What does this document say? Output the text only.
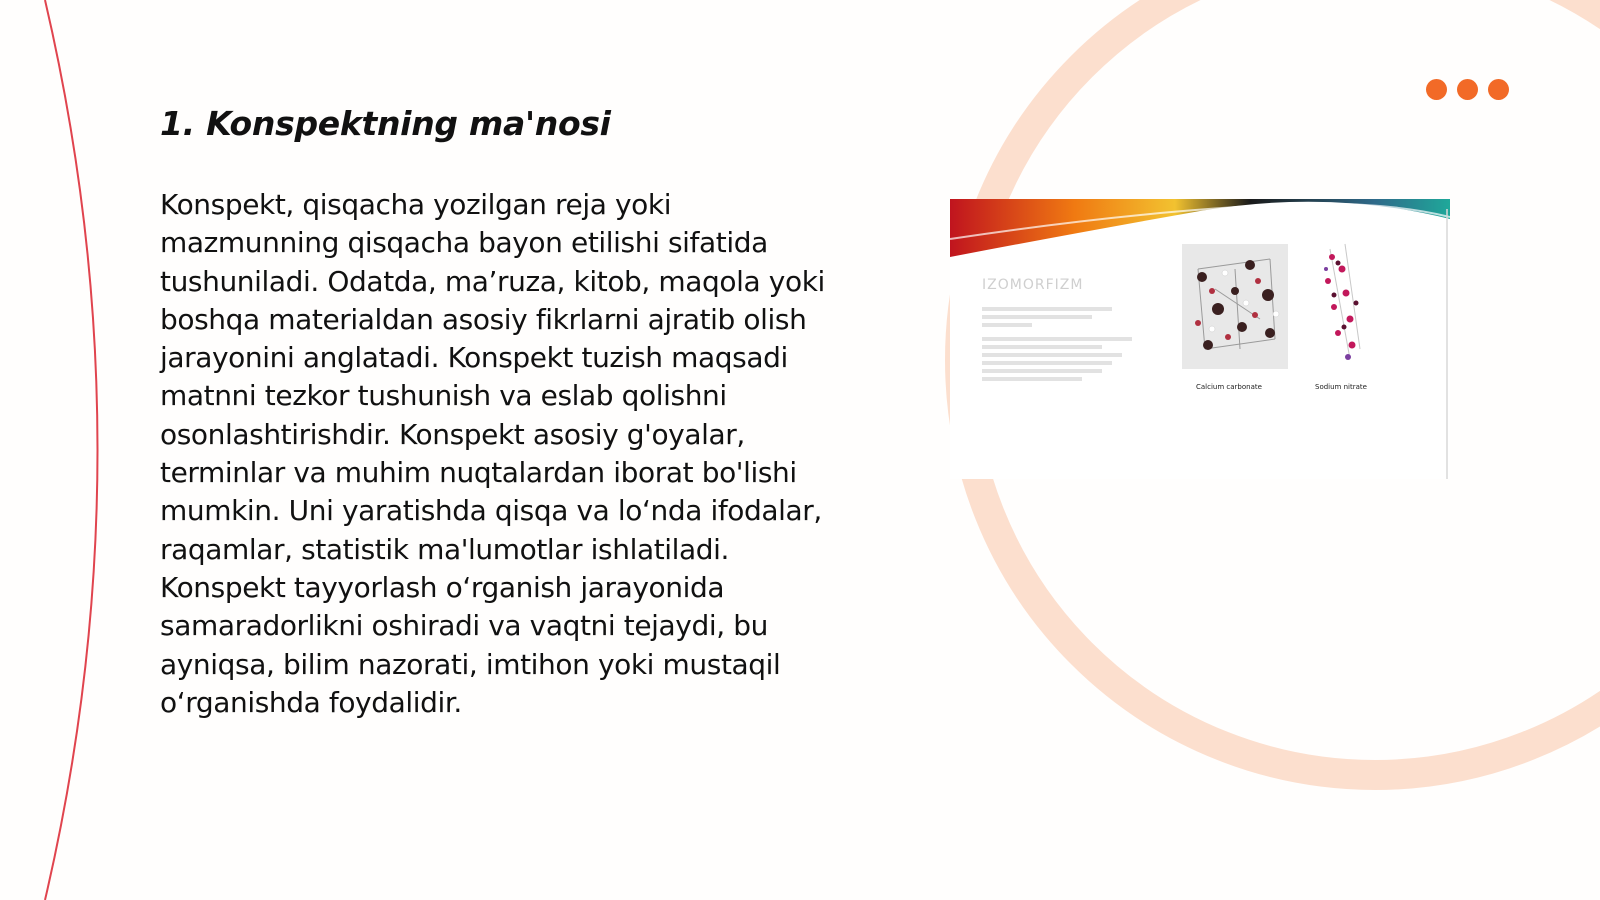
1. Konspektning ma'nosi

Konspekt, qisqacha yozilgan reja yoki mazmunning qisqacha bayon etilishi sifatida tushuniladi. Odatda, ma’ruza, kitob, maqola yoki boshqa materialdan asosiy fikrlarni ajratib olish jarayonini anglatadi. Konspekt tuzish maqsadi matnni tezkor tushunish va eslab qolishni osonlashtirishdir. Konspekt asosiy g'oyalar, terminlar va muhim nuqtalardan iborat bo'lishi mumkin. Uni yaratishda qisqa va lo‘nda ifodalar, raqamlar, statistik ma'lumotlar ishlatiladi. Konspekt tayyorlash o‘rganish jarayonida samaradorlikni oshiradi va vaqtni tejaydi, bu ayniqsa, bilim nazorati, imtihon yoki mustaqil o‘rganishda foydalidir.

IZOMORFIZM
Calcium carbonate	Sodium nitrate
